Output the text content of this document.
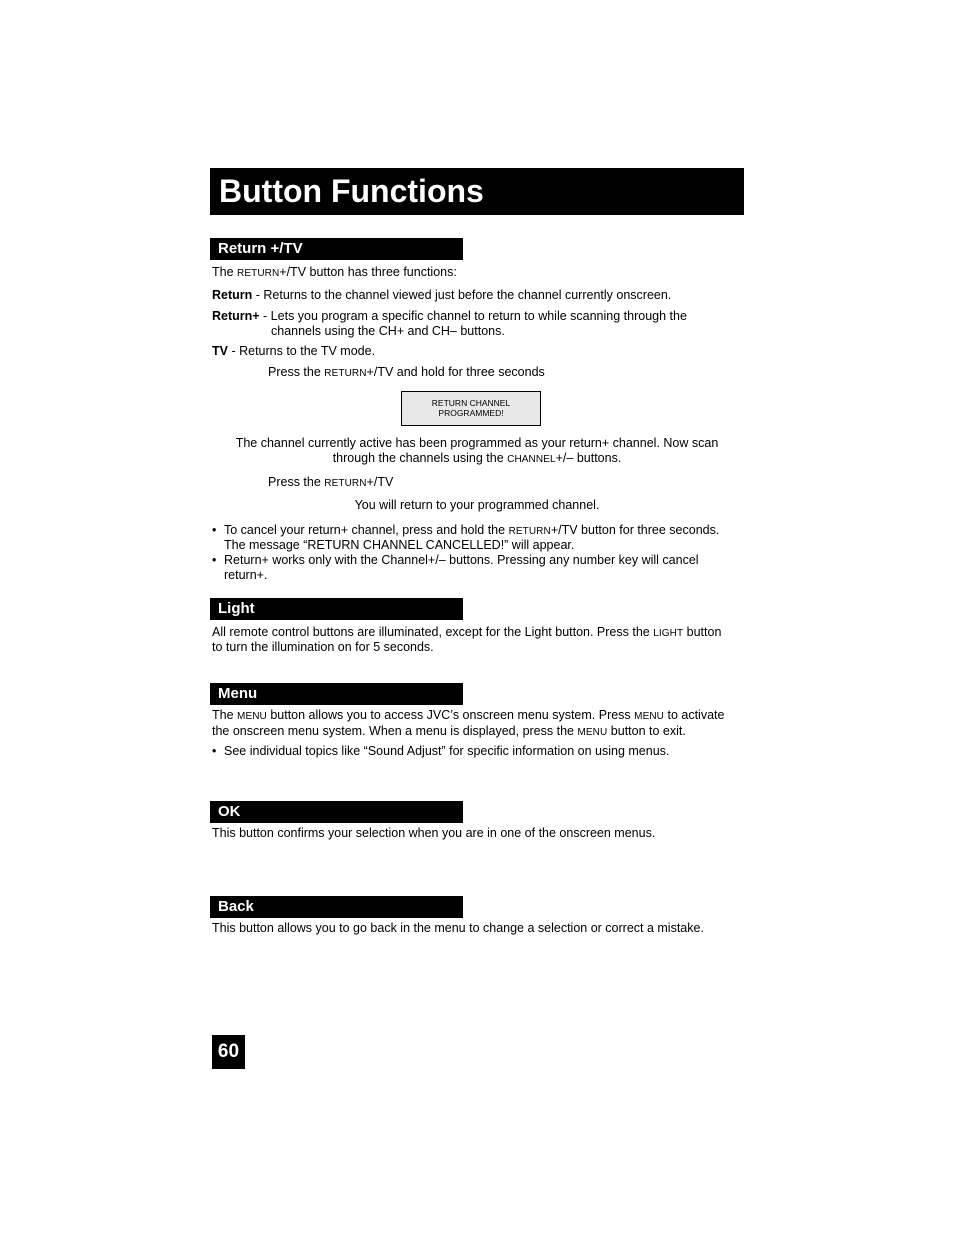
Button Functions
Return +/TV
The RETURN+/TV button has three functions:
Return - Returns to the channel viewed just before the channel currently onscreen.
Return+ - Lets you program a specific channel to return to while scanning through the
channels using the CH+ and CH– buttons.
TV - Returns to the TV mode.
Press the RETURN+/TV and hold for three seconds
RETURN CHANNEL
PROGRAMMED!
The channel currently active has been programmed as your return+ channel. Now scan
through the channels using the CHANNEL+/– buttons.
Press the RETURN+/TV
You will return to your programmed channel.
• To cancel your return+ channel, press and hold the RETURN+/TV button for three seconds.
The message “RETURN CHANNEL CANCELLED!” will appear.
• Return+ works only with the Channel+/– buttons. Pressing any number key will cancel
return+.
Light
All remote control buttons are illuminated, except for the Light button. Press the LIGHT button
to turn the illumination on for 5 seconds.
Menu
The MENU button allows you to access JVC’s onscreen menu system. Press MENU to activate
the onscreen menu system. When a menu is displayed, press the MENU button to exit.
• See individual topics like “Sound Adjust” for specific information on using menus.
OK
This button confirms your selection when you are in one of the onscreen menus.
Back
This button allows you to go back in the menu to change a selection or correct a mistake.
60
